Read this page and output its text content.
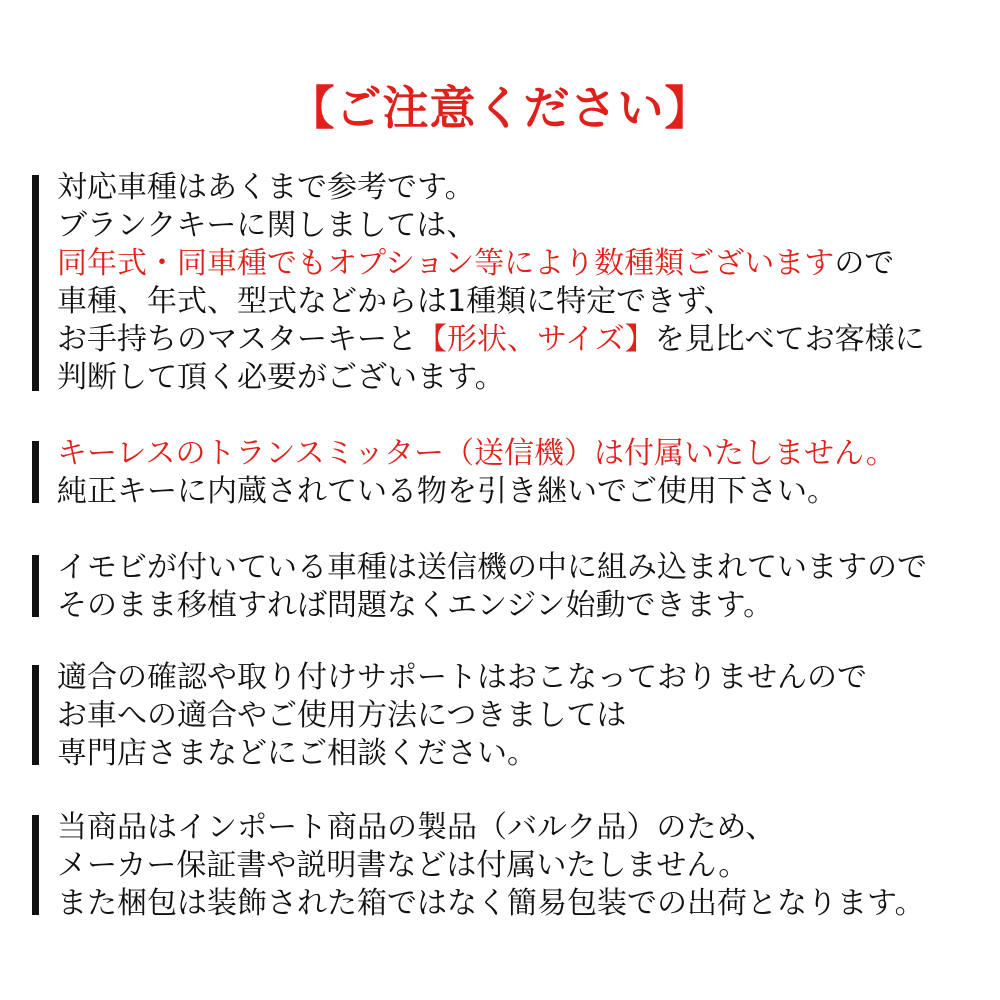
【ご注意ください】
対応車種はあくまで参考です。
ブランクキーに関しましては、
同年式・同車種でもオプション等により数種類ございますので
車種、年式、型式などからは1種類に特定できず、
お手持ちのマスターキーと【形状、サイズ】を見比べてお客様に
判断して頂く必要がございます。
キーレスのトランスミッター（送信機）は付属いたしません。
純正キーに内蔵されている物を引き継いでご使用下さい。
イモビが付いている車種は送信機の中に組み込まれていますので
そのまま移植すれば問題なくエンジン始動できます。
適合の確認や取り付けサポートはおこなっておりませんので
お車への適合やご使用方法につきましては
専門店さまなどにご相談ください。
当商品はインポート商品の製品（バルク品）のため、
メーカー保証書や説明書などは付属いたしません。
また梱包は装飾された箱ではなく簡易包装での出荷となります。
